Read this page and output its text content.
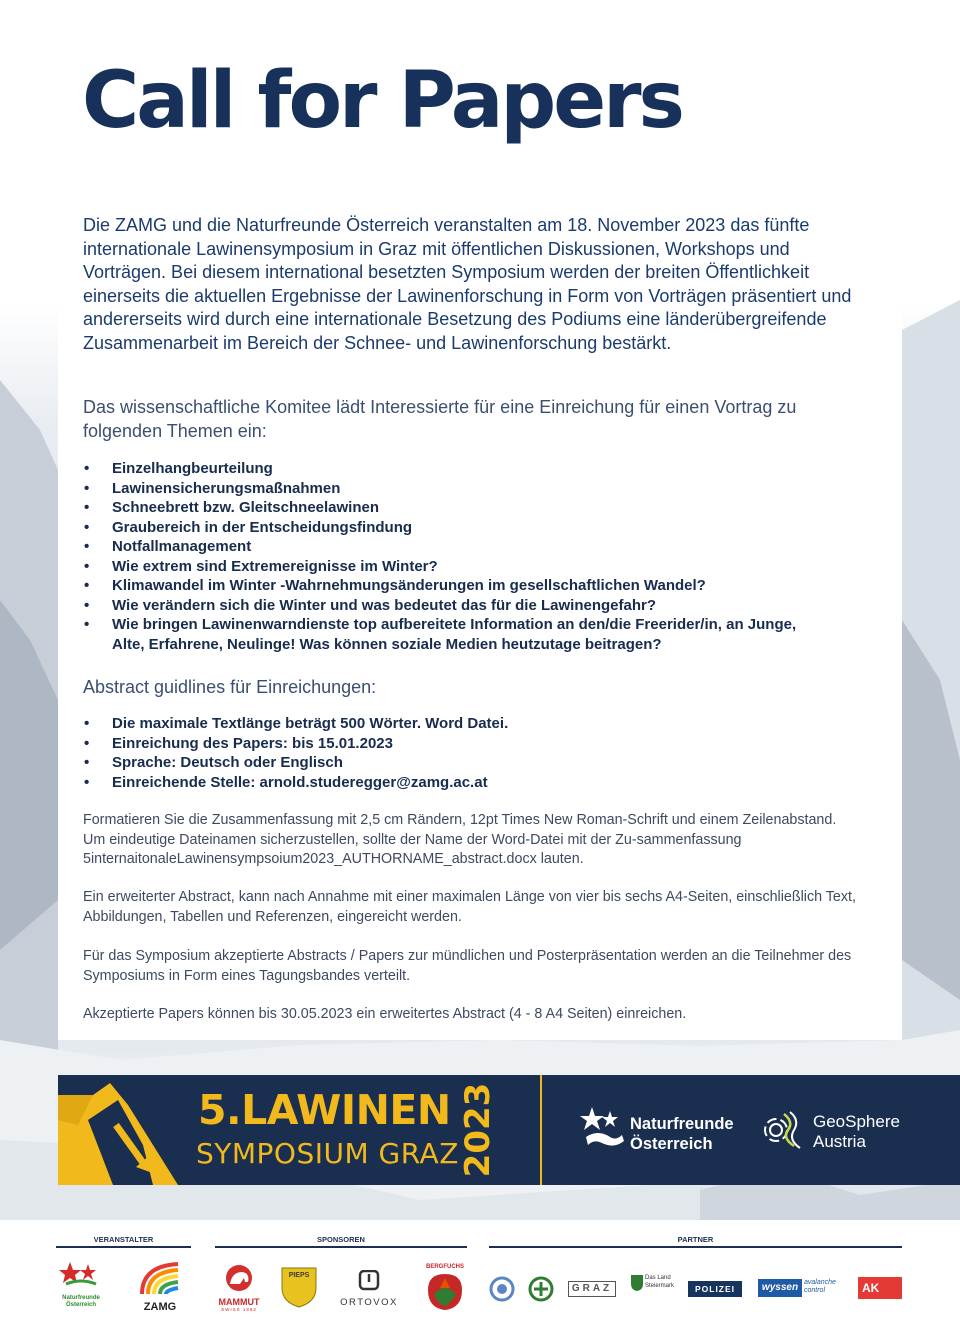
Call for Papers

Die ZAMG und die Naturfreunde Österreich veranstalten am 18. November 2023 das fünfte internationale Lawinensymposium in Graz mit öffentlichen Diskussionen, Workshops und Vorträgen. Bei diesem international besetzten Symposium werden der breiten Öffentlichkeit einerseits die aktuellen Ergebnisse der Lawinenforschung in Form von Vorträgen präsentiert und andererseits wird durch eine internationale Besetzung des Podiums eine länderübergreifende Zusammenarbeit im Bereich der Schnee- und Lawinenforschung bestärkt.

Das wissenschaftliche Komitee lädt Interessierte für eine Einreichung für einen Vortrag zu folgenden Themen ein:

• Einzelhangbeurteilung
• Lawinensicherungsmaßnahmen
• Schneebrett bzw. Gleitschneelawinen
• Graubereich in der Entscheidungsfindung
• Notfallmanagement
• Wie extrem sind Extremereignisse im Winter?
• Klimawandel im Winter -Wahrnehmungsänderungen im gesellschaftlichen Wandel?
• Wie verändern sich die Winter und was bedeutet das für die Lawinengefahr?
• Wie bringen Lawinenwarndienste top aufbereitete Information an den/die Freerider/in, an Junge, Alte, Erfahrene, Neulinge! Was können soziale Medien heutzutage beitragen?

Abstract guidlines für Einreichungen:

• Die maximale Textlänge beträgt 500 Wörter. Word Datei.
• Einreichung des Papers: bis 15.01.2023
• Sprache: Deutsch oder Englisch
• Einreichende Stelle: arnold.studeregger@zamg.ac.at

Formatieren Sie die Zusammenfassung mit 2,5 cm Rändern, 12pt Times New Roman-Schrift und einem Zeilenabstand. Um eindeutige Dateinamen sicherzustellen, sollte der Name der Word-Datei mit der Zu-sammenfassung 5internaitonaleLawinensympsoium2023_AUTHORNAME_abstract.docx lauten.

Ein erweiterter Abstract, kann nach Annahme mit einer maximalen Länge von vier bis sechs A4-Seiten, einschließlich Text, Abbildungen, Tabellen und Referenzen, eingereicht werden.

Für das Symposium akzeptierte Abstracts / Papers zur mündlichen und Posterpräsentation werden an die Teilnehmer des Symposiums in Form eines Tagungsbandes verteilt.

Akzeptierte Papers können bis 30.05.2023 ein erweitertes Abstract (4 - 8 A4 Seiten) einreichen.

5.LAWINEN
SYMPOSIUM GRAZ 2023	Naturfreunde
Österreich
GeoSphere
Austria
VERANSTALTER	SPONSOREN	PARTNER
Naturfreunde Österreich	ZAMG	MAMMUT
SWISS 1862
PIEPS
ORTOVOX
BERGFUCHS
GRAZ
Das Land Steiermark	POLIZEI	wyssen avalanche control	AK
